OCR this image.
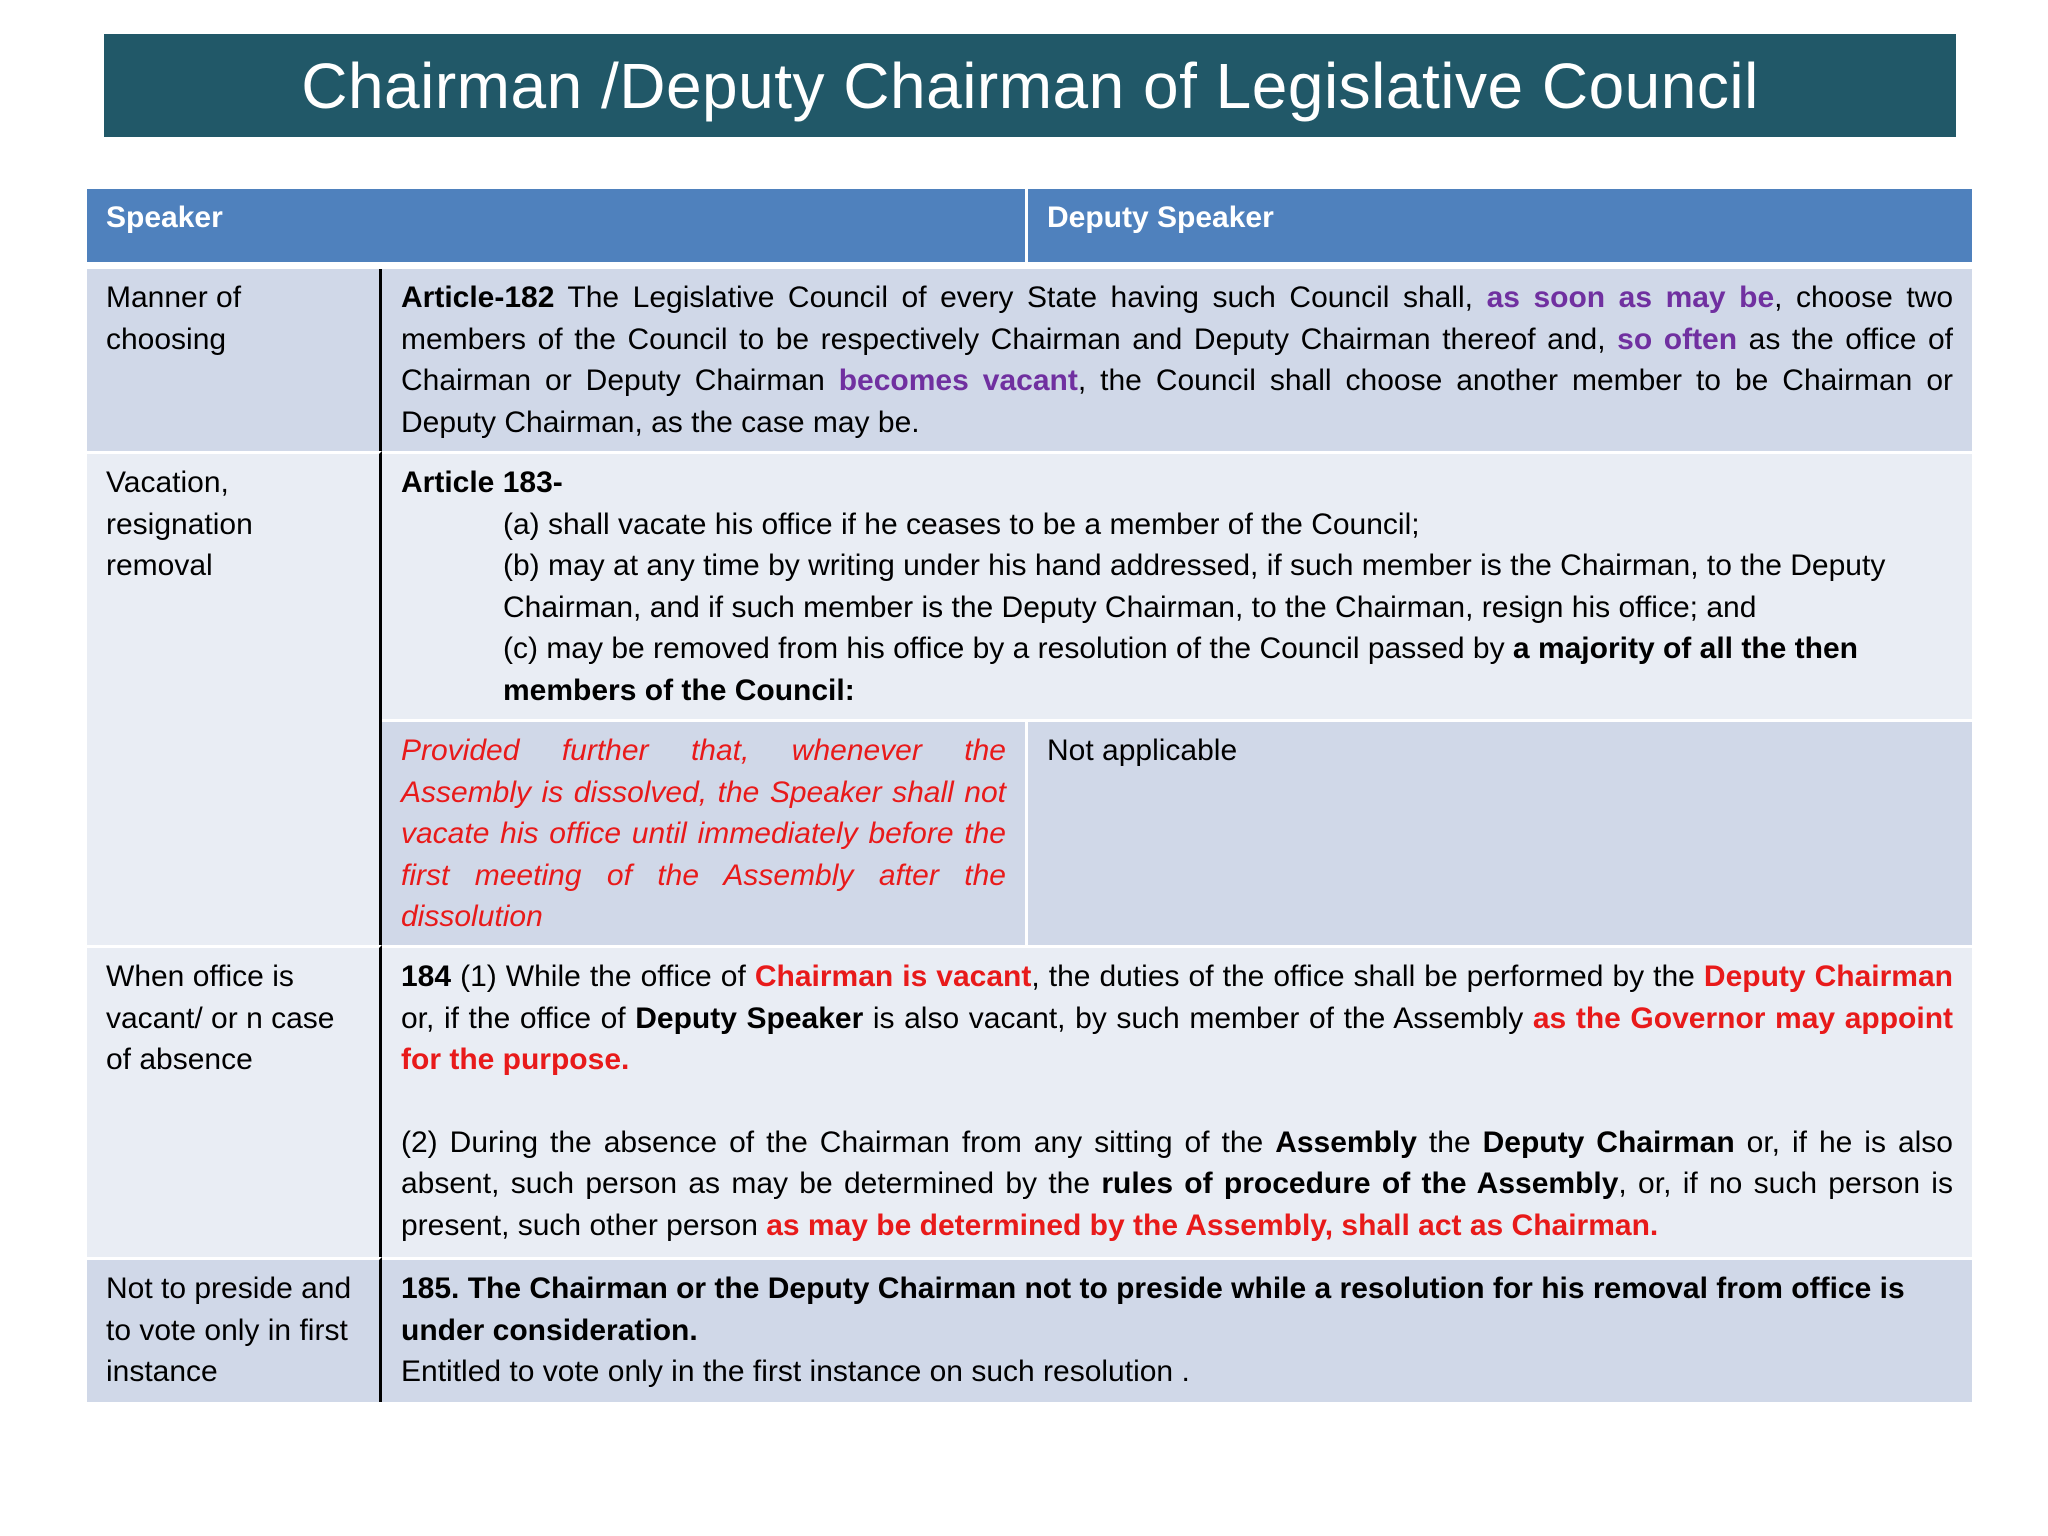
Chairman /Deputy Chairman of Legislative Council
Speaker		Deputy Speaker
Manner of choosing	Article-182 The Legislative Council of every State having such Council shall, as soon as may be, choose two members of the Council to be respectively Chairman and Deputy Chairman thereof and, so often as the office of Chairman or Deputy Chairman becomes vacant, the Council shall choose another member to be Chairman or Deputy Chairman, as the case may be.	
Vacation, resignation removal	Article 183-
(a) shall vacate his office if he ceases to be a member of the Council;
(b) may at any time by writing under his hand addressed, if such member is the Chairman, to the Deputy Chairman, and if such member is the Deputy Chairman, to the Chairman, resign his office; and
(c) may be removed from his office by a resolution of the Council passed by a majority of all the then members of the Council:	

	Provided further that, whenever the Assembly is dissolved, the Speaker shall not vacate his office until immediately before the first meeting of the Assembly after the dissolution	Not applicable
When office is vacant/ or n case of absence	184 (1) While the office of Chairman is vacant, the duties of the office shall be performed by the Deputy Chairman or, if the office of Deputy Speaker is also vacant, by such member of the Assembly as the Governor may appoint for the purpose.
(2) During the absence of the Chairman from any sitting of the Assembly the Deputy Chairman or, if he is also absent, such person as may be determined by the rules of procedure of the Assembly, or, if no such person is present, such other person as may be determined by the Assembly, shall act as Chairman.	

Not to preside and to vote only in first instance	185. The Chairman or the Deputy Chairman not to preside while a resolution for his removal from office is under consideration.
Entitled to vote only in the first instance on such resolution .	
